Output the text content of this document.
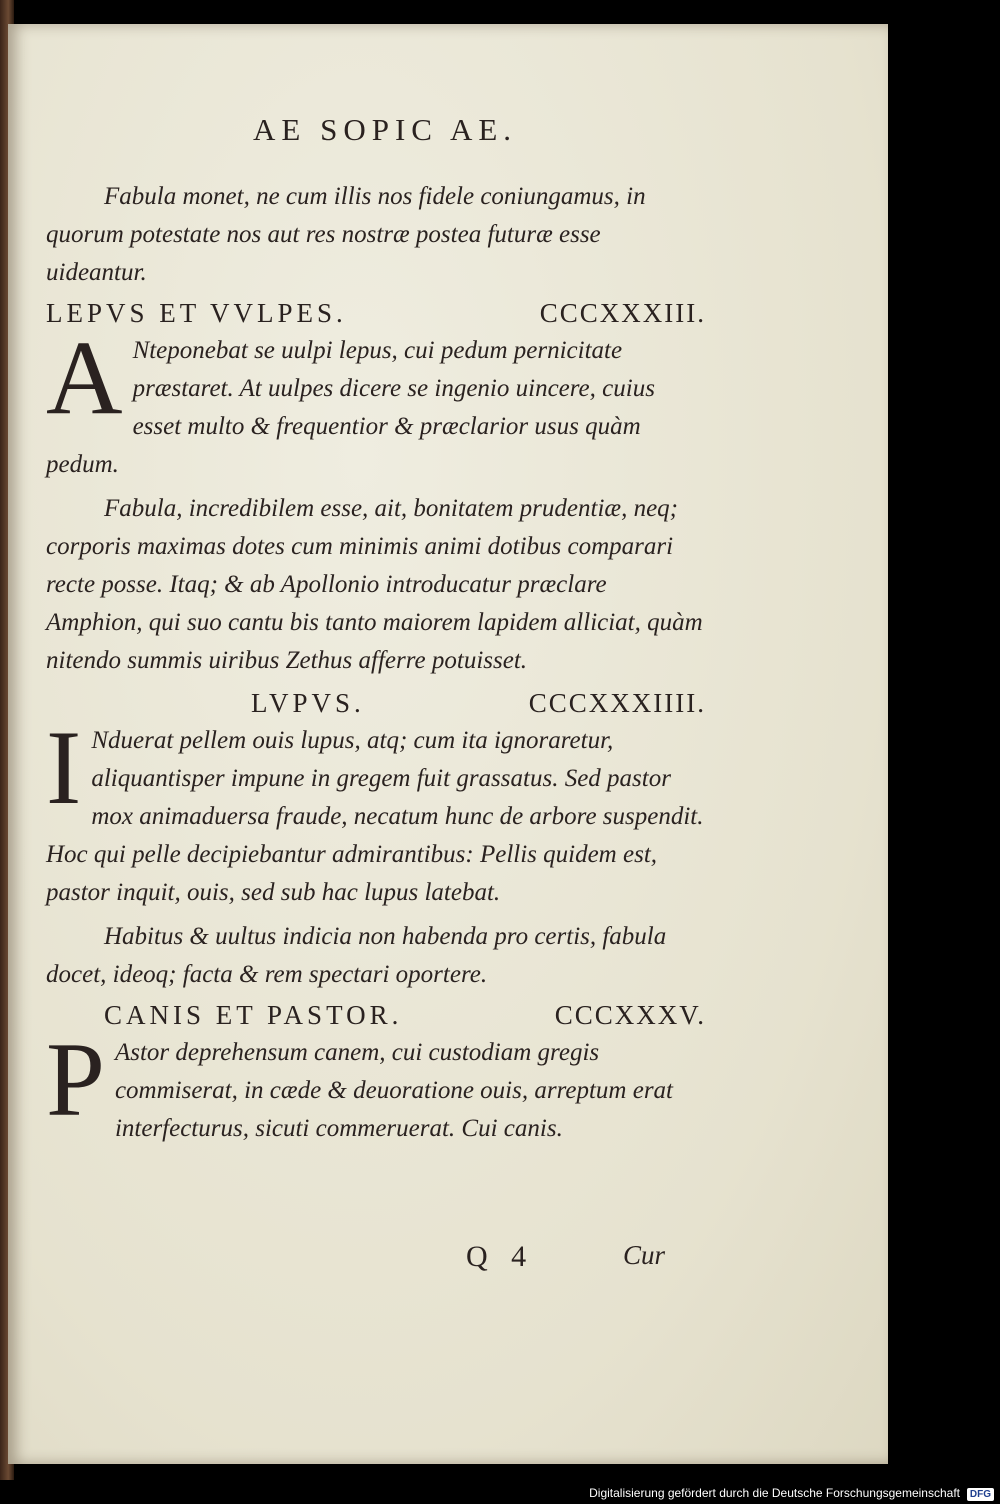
AE SOPIC AE.

Fabula monet, ne cum illis nos fidele coniungamus, in quorum potestate nos aut res nostræ postea futuræ esse uideantur.

LEPVS ET VVLPES.	CCCXXXIII.

A Nteponebat se uulpi lepus, cui pedum pernicitate præstaret. At uulpes dicere se ingenio uincere, cuius esset multo & frequentior & præclarior usus quàm pedum.

Fabula, incredibilem esse, ait, bonitatem prudentiæ, neq; corporis maximas dotes cum minimis animi dotibus comparari recte posse. Itaq; & ab Apollonio introducatur præclare Amphion, qui suo cantu bis tanto maiorem lapidem alliciat, quàm nitendo summis uiribus Zethus afferre potuisset.

LVPVS.	CCCXXXIIII.

I Nduerat pellem ouis lupus, atq; cum ita ignoraretur, aliquantisper impune in gregem fuit grassatus. Sed pastor mox animaduersa fraude, necatum hunc de arbore suspendit. Hoc qui pelle decipiebantur admirantibus: Pellis quidem est, pastor inquit, ouis, sed sub hac lupus latebat.

Habitus & uultus indicia non habenda pro certis, fabula docet, ideoq; facta & rem spectari oportere.

CANIS ET PASTOR.	CCCXXXV.

P Astor deprehensum canem, cui custodiam gregis commiserat, in cæde & deuoratione ouis, arreptum erat interfecturus, sicuti commeruerat. Cui canis.

Q 4	Cur
Digitalisierung gefördert durch die Deutsche Forschungsgemeinschaft DFG
